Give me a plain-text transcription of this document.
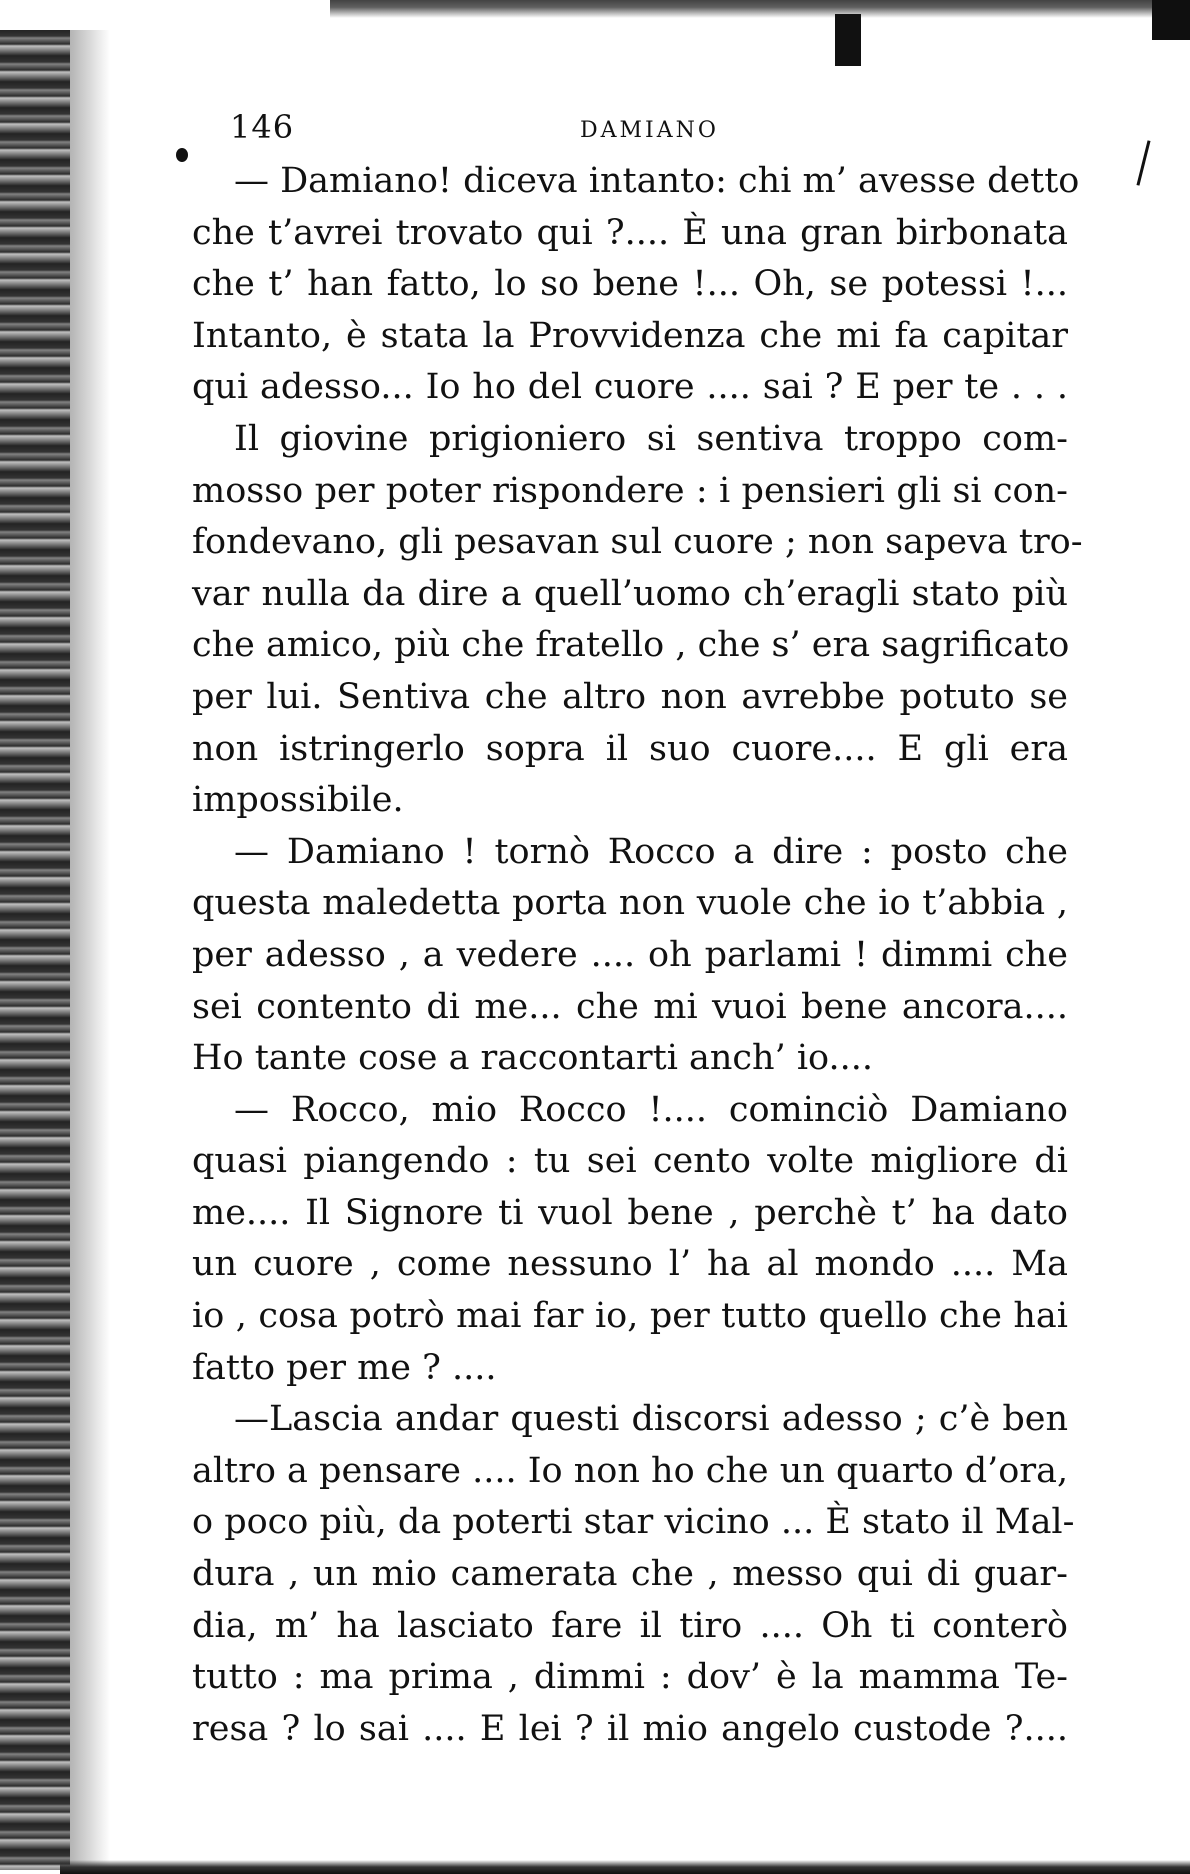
146	DAMIANO
— Damiano! diceva intanto: chi m’ avesse detto
che t’avrei trovato qui ?.... È una gran birbonata
che t’ han fatto, lo so bene !... Oh, se potessi !...
Intanto, è stata la Provvidenza che mi fa capitar
qui adesso... Io ho del cuore .... sai ? E per te . . .
Il giovine prigioniero si sentiva troppo com-
mosso per poter rispondere : i pensieri gli si con-
fondevano, gli pesavan sul cuore ; non sapeva tro-
var nulla da dire a quell’uomo ch’eragli stato più
che amico, più che fratello , che s’ era sagrificato
per lui. Sentiva che altro non avrebbe potuto se
non istringerlo sopra il suo cuore.... E gli era
impossibile.
— Damiano ! tornò Rocco a dire : posto che
questa maledetta porta non vuole che io t’abbia ,
per adesso , a vedere .... oh parlami ! dimmi che
sei contento di me... che mi vuoi bene ancora....
Ho tante cose a raccontarti anch’ io....
— Rocco, mio Rocco !.... cominciò Damiano
quasi piangendo : tu sei cento volte migliore di
me.... Il Signore ti vuol bene , perchè t’ ha dato
un cuore , come nessuno l’ ha al mondo .... Ma
io , cosa potrò mai far io, per tutto quello che hai
fatto per me ? ....
—Lascia andar questi discorsi adesso ; c’è ben
altro a pensare .... Io non ho che un quarto d’ora,
o poco più, da poterti star vicino ... È stato il Mal-
dura , un mio camerata che , messo qui di guar-
dia, m’ ha lasciato fare il tiro .... Oh ti conterò
tutto : ma prima , dimmi : dov’ è la mamma Te-
resa ? lo sai .... E lei ? il mio angelo custode ?....
